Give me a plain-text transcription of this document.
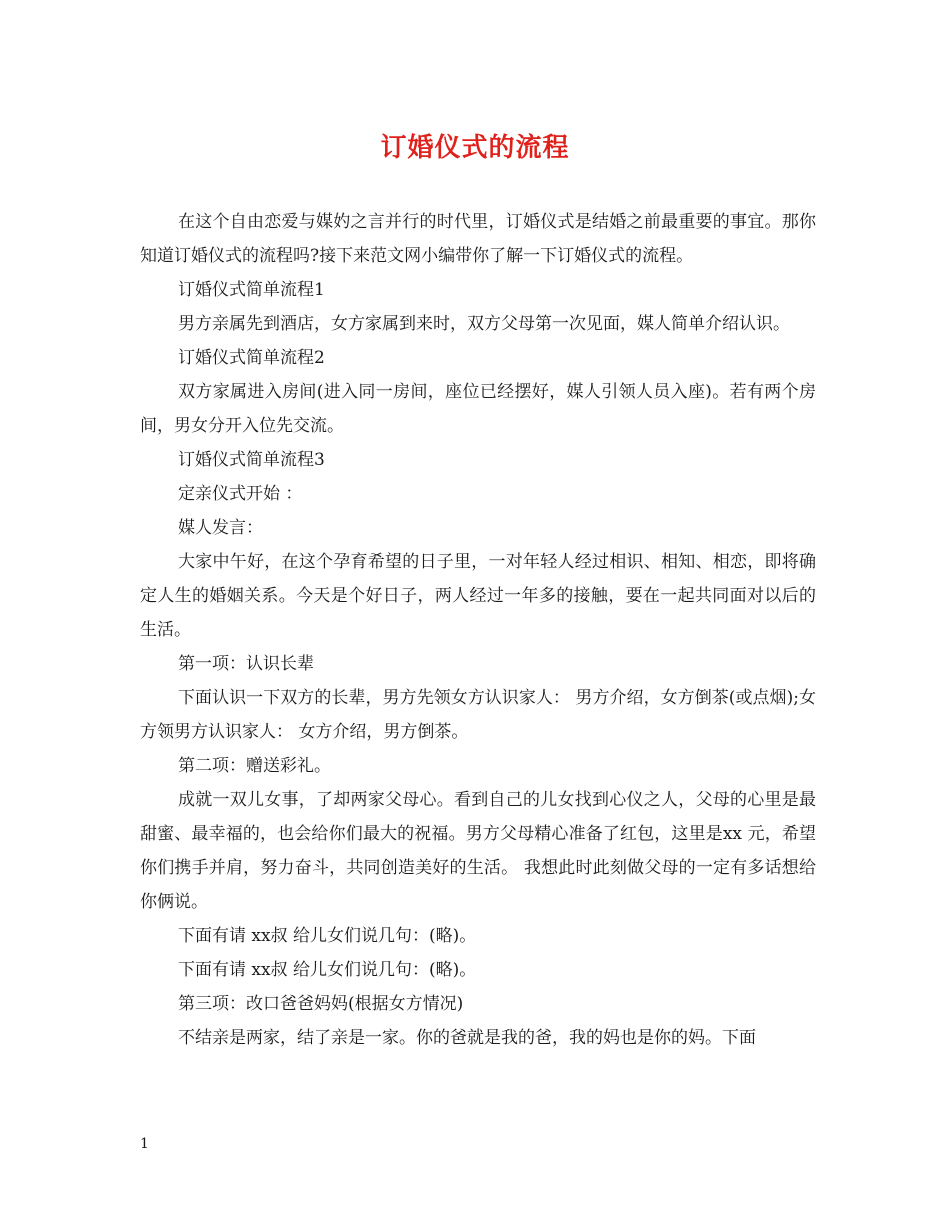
订婚仪式的流程

在这个自由恋爱与媒妁之言并行的时代里，订婚仪式是结婚之前最重要的事宜。那你知道订婚仪式的流程吗?接下来范文网小编带你了解一下订婚仪式的流程。

订婚仪式简单流程1

男方亲属先到酒店，女方家属到来时，双方父母第一次见面，媒人简单介绍认识。

订婚仪式简单流程2

双方家属进入房间(进入同一房间，座位已经摆好，媒人引领人员入座)。若有两个房间，男女分开入位先交流。

订婚仪式简单流程3

定亲仪式开始 ：

媒人发言：

大家中午好，在这个孕育希望的日子里，一对年轻人经过相识、相知、相恋，即将确定人生的婚姻关系。今天是个好日子，两人经过一年多的接触，要在一起共同面对以后的生活。

第一项：认识长辈

下面认识一下双方的长辈，男方先领女方认识家人： 男方介绍，女方倒茶(或点烟);女方领男方认识家人： 女方介绍，男方倒茶。

第二项：赠送彩礼。

成就一双儿女事，了却两家父母心。看到自己的儿女找到心仪之人，父母的心里是最甜蜜、最幸福的，也会给你们最大的祝福。男方父母精心准备了红包，这里是xx 元，希望你们携手并肩，努力奋斗，共同创造美好的生活。 我想此时此刻做父母的一定有多话想给你俩说。

下面有请 xx叔 给儿女们说几句：(略)。

下面有请 xx叔 给儿女们说几句：(略)。

第三项：改口爸爸妈妈(根据女方情况)

不结亲是两家，结了亲是一家。你的爸就是我的爸，我的妈也是你的妈。下面

1
